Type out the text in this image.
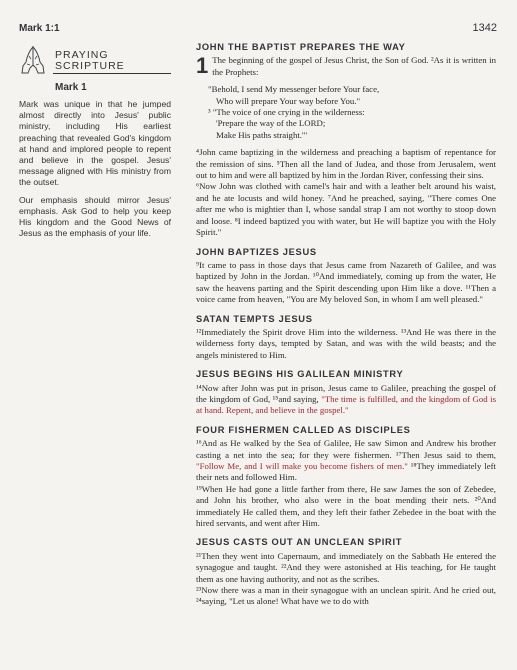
Mark 1:1	1342
PRAYING
SCRIPTURE
Mark 1

Mark was unique in that he jumped almost directly into Jesus' public ministry, including His earliest preaching that revealed God's kingdom at hand and implored people to repent and believe in the gospel. Jesus' message aligned with His ministry from the outset.

Our emphasis should mirror Jesus' emphasis. Ask God to help you keep His kingdom and the Good News of Jesus as the emphasis of your life.

JOHN THE BAPTIST PREPARES THE WAY
1 The beginning of the gospel of Jesus Christ, the Son of God. ²As it is written in the Prophets:

"Behold, I send My messenger before Your face,
Who will prepare Your way before You."
³ "The voice of one crying in the wilderness:
'Prepare the way of the LORD;
Make His paths straight.'"

⁴John came baptizing in the wilderness and preaching a baptism of repentance for the remission of sins. ⁵Then all the land of Judea, and those from Jerusalem, went out to him and were all baptized by him in the Jordan River, confessing their sins.

⁶Now John was clothed with camel's hair and with a leather belt around his waist, and he ate locusts and wild honey. ⁷And he preached, saying, "There comes One after me who is mightier than I, whose sandal strap I am not worthy to stoop down and loose. ⁸I indeed baptized you with water, but He will baptize you with the Holy Spirit."

JOHN BAPTIZES JESUS

⁹It came to pass in those days that Jesus came from Nazareth of Galilee, and was baptized by John in the Jordan. ¹⁰And immediately, coming up from the water, He saw the heavens parting and the Spirit descending upon Him like a dove. ¹¹Then a voice came from heaven, "You are My beloved Son, in whom I am well pleased."

SATAN TEMPTS JESUS

¹²Immediately the Spirit drove Him into the wilderness. ¹³And He was there in the wilderness forty days, tempted by Satan, and was with the wild beasts; and the angels ministered to Him.

JESUS BEGINS HIS GALILEAN MINISTRY

¹⁴Now after John was put in prison, Jesus came to Galilee, preaching the gospel of the kingdom of God, ¹⁵and saying, "The time is fulfilled, and the kingdom of God is at hand. Repent, and believe in the gospel."

FOUR FISHERMEN CALLED AS DISCIPLES

¹⁶And as He walked by the Sea of Galilee, He saw Simon and Andrew his brother casting a net into the sea; for they were fishermen. ¹⁷Then Jesus said to them, "Follow Me, and I will make you become fishers of men." ¹⁸They immediately left their nets and followed Him.

¹⁹When He had gone a little farther from there, He saw James the son of Zebedee, and John his brother, who also were in the boat mending their nets. ²⁰And immediately He called them, and they left their father Zebedee in the boat with the hired servants, and went after Him.

JESUS CASTS OUT AN UNCLEAN SPIRIT

²¹Then they went into Capernaum, and immediately on the Sabbath He entered the synagogue and taught. ²²And they were astonished at His teaching, for He taught them as one having authority, and not as the scribes.

²³Now there was a man in their synagogue with an unclean spirit. And he cried out, ²⁴saying, "Let us alone! What have we to do with
